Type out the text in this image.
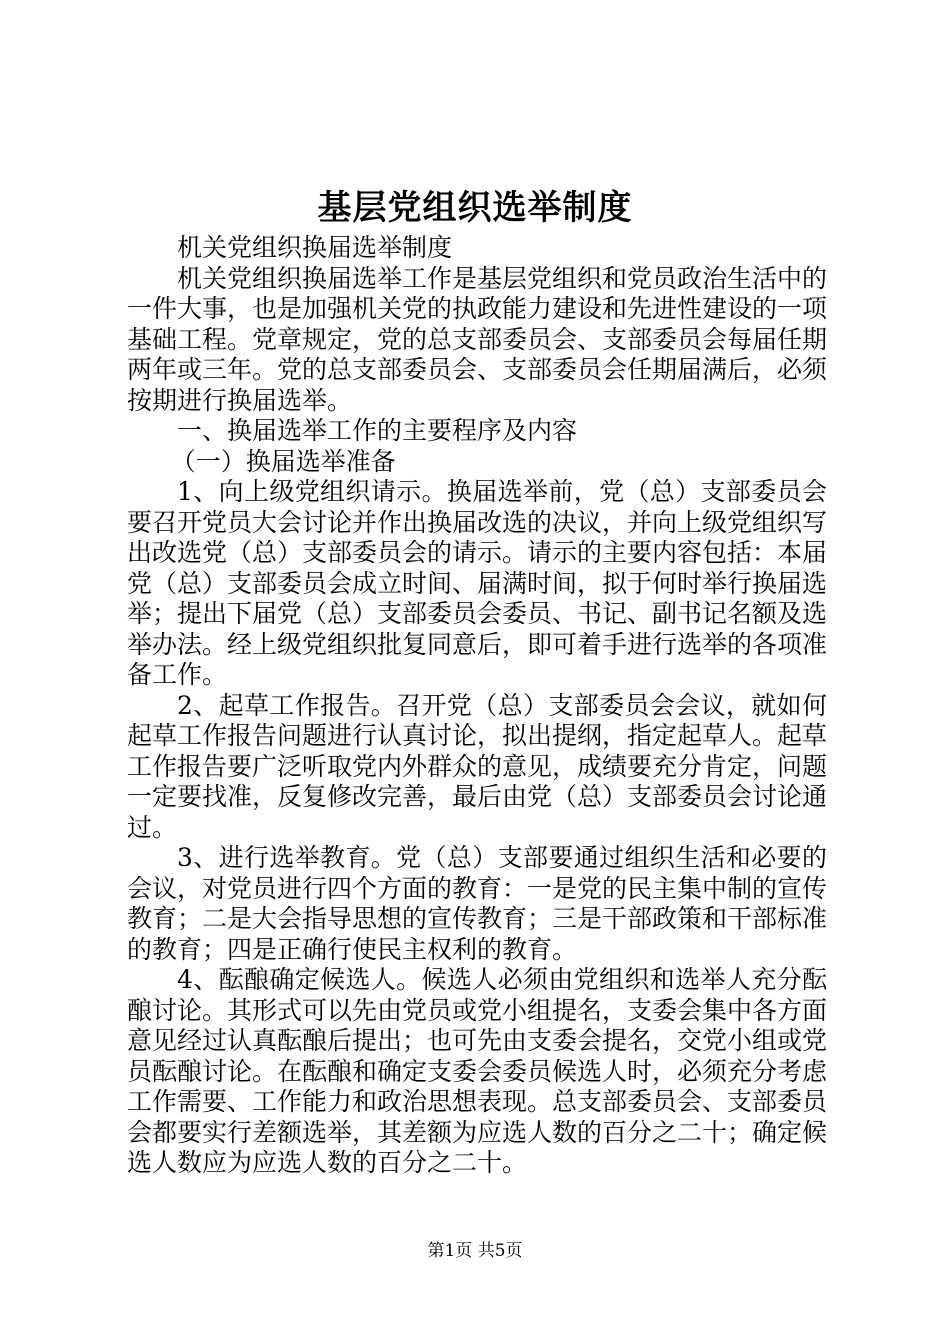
基层党组织选举制度

机关党组织换届选举制度

机关党组织换届选举工作是基层党组织和党员政治生活中的一件大事，也是加强机关党的执政能力建设和先进性建设的一项基础工程。党章规定，党的总支部委员会、支部委员会每届任期两年或三年。党的总支部委员会、支部委员会任期届满后，必须按期进行换届选举。

一、换届选举工作的主要程序及内容

（一）换届选举准备

1、向上级党组织请示。换届选举前，党（总）支部委员会要召开党员大会讨论并作出换届改选的决议，并向上级党组织写出改选党（总）支部委员会的请示。请示的主要内容包括：本届党（总）支部委员会成立时间、届满时间，拟于何时举行换届选举；提出下届党（总）支部委员会委员、书记、副书记名额及选举办法。经上级党组织批复同意后，即可着手进行选举的各项准备工作。

2、起草工作报告。召开党（总）支部委员会会议，就如何起草工作报告问题进行认真讨论，拟出提纲，指定起草人。起草工作报告要广泛听取党内外群众的意见，成绩要充分肯定，问题一定要找准，反复修改完善，最后由党（总）支部委员会讨论通过。

3、进行选举教育。党（总）支部要通过组织生活和必要的会议，对党员进行四个方面的教育：一是党的民主集中制的宣传教育；二是大会指导思想的宣传教育；三是干部政策和干部标准的教育；四是正确行使民主权利的教育。

4、酝酿确定候选人。候选人必须由党组织和选举人充分酝酿讨论。其形式可以先由党员或党小组提名，支委会集中各方面意见经过认真酝酿后提出；也可先由支委会提名，交党小组或党员酝酿讨论。在酝酿和确定支委会委员候选人时，必须充分考虑工作需要、工作能力和政治思想表现。总支部委员会、支部委员会都要实行差额选举，其差额为应选人数的百分之二十；确定候选人数应为应选人数的百分之二十。

第1页 共5页
